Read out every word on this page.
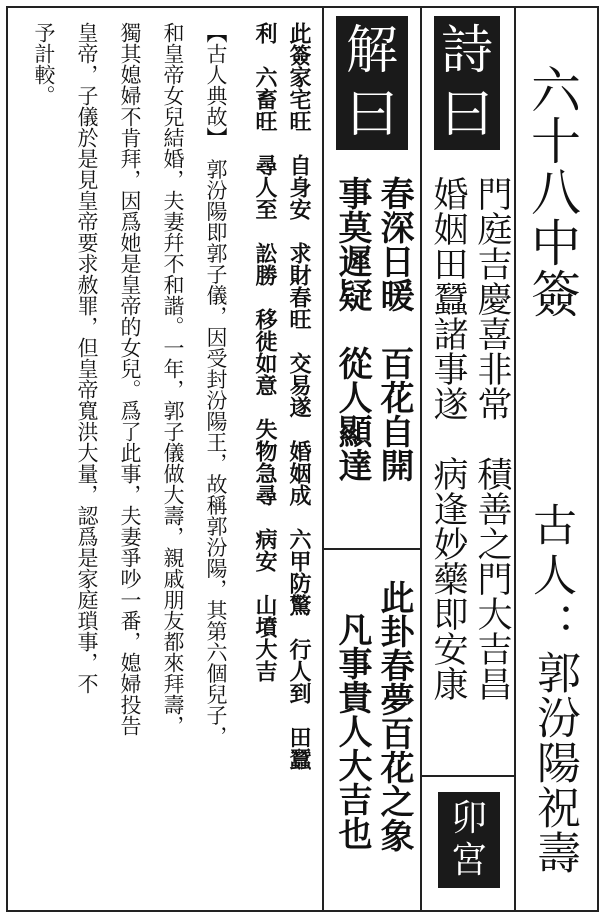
六十八中簽
古人：
郭汾陽祝壽
詩
曰
門庭吉慶喜非常　積善之門大吉昌
婚姻田蠶諸事遂　病逢妙藥即安康
卯
宮
解
曰
春深日暖　百花自開
事莫遲疑　從人顯達
此卦春夢百花之象
凡事貴人大吉也
此簽家宅旺　自身安　求財春旺　交易遂　婚姻成　六甲防驚　行人到　田蠶
利　六畜旺　尋人至　訟勝　移徙如意　失物急尋　病安　山墳大吉
【古人典故】　郭汾陽即郭子儀，因受封汾陽王，故稱郭汾陽，其第六個兒子，
和皇帝女兒結婚，夫妻幷不和諧。一年，郭子儀做大壽，親戚朋友都來拜壽，
獨其媳婦不肯拜，因爲她是皇帝的女兒。爲了此事，夫妻爭吵一番，媳婦投告
皇帝，子儀於是見皇帝要求赦罪，但皇帝寬洪大量，認爲是家庭瑣事，不
予計較。
